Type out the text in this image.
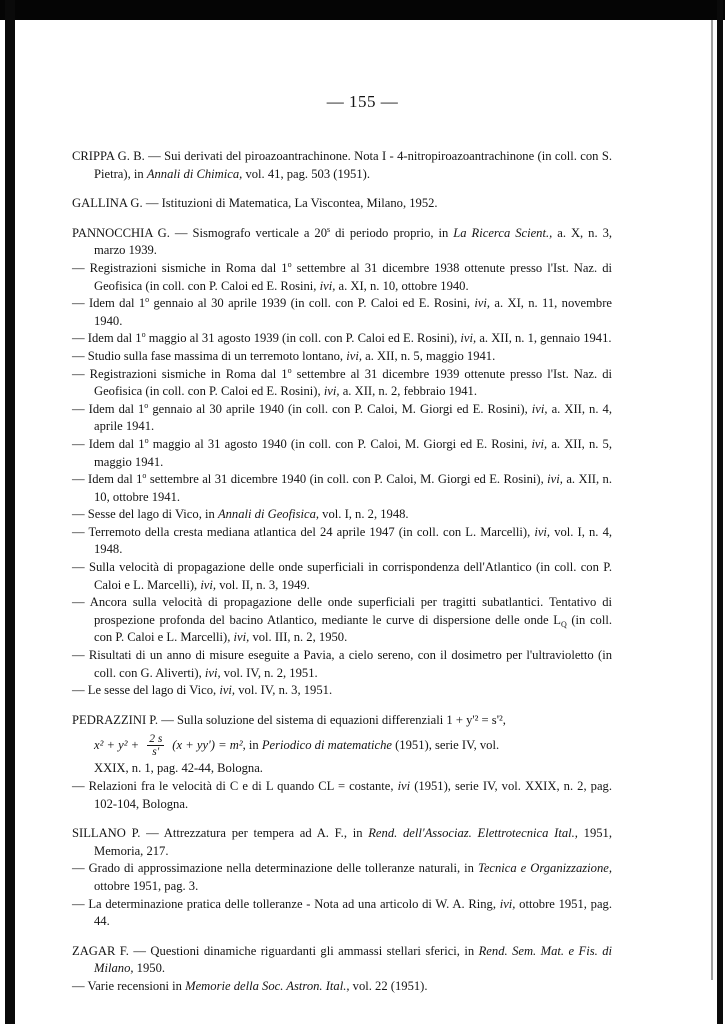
— 155 —

CRIPPA G. B. — Sui derivati del piroazoantrachinone. Nota I - 4-nitropiroazoantrachinone (in coll. con S. Pietra), in Annali di Chimica, vol. 41, pag. 503 (1951).

GALLINA G. — Istituzioni di Matematica, La Viscontea, Milano, 1952.

PANNOCCHIA G. — Sismografo verticale a 20$^s$ di periodo proprio, in La Ricerca Scient., a. X, n. 3, marzo 1939.

— Registrazioni sismiche in Roma dal 1$^o$ settembre al 31 dicembre 1938 ottenute presso l'Ist. Naz. di Geofisica (in coll. con P. Caloi ed E. Rosini, ivi, a. XI, n. 10, ottobre 1940.

— Idem dal 1$^o$ gennaio al 30 aprile 1939 (in coll. con P. Caloi ed E. Rosini, ivi, a. XI, n. 11, novembre 1940.

— Idem dal 1$^o$ maggio al 31 agosto 1939 (in coll. con P. Caloi ed E. Rosini), ivi, a. XII, n. 1, gennaio 1941.

— Studio sulla fase massima di un terremoto lontano, ivi, a. XII, n. 5, maggio 1941.

— Registrazioni sismiche in Roma dal 1$^o$ settembre al 31 dicembre 1939 ottenute presso l'Ist. Naz. di Geofisica (in coll. con P. Caloi ed E. Rosini), ivi, a. XII, n. 2, febbraio 1941.

— Idem dal 1$^o$ gennaio al 30 aprile 1940 (in coll. con P. Caloi, M. Giorgi ed E. Rosini), ivi, a. XII, n. 4, aprile 1941.

— Idem dal 1$^o$ maggio al 31 agosto 1940 (in coll. con P. Caloi, M. Giorgi ed E. Rosini, ivi, a. XII, n. 5, maggio 1941.

— Idem dal 1$^o$ settembre al 31 dicembre 1940 (in coll. con P. Caloi, M. Giorgi ed E. Rosini), ivi, a. XII, n. 10, ottobre 1941.

— Sesse del lago di Vico, in Annali di Geofisica, vol. I, n. 2, 1948.

— Terremoto della cresta mediana atlantica del 24 aprile 1947 (in coll. con L. Marcelli), ivi, vol. I, n. 4, 1948.

— Sulla velocità di propagazione delle onde superficiali in corrispondenza dell'Atlantico (in coll. con P. Caloi e L. Marcelli), ivi, vol. II, n. 3, 1949.

— Ancora sulla velocità di propagazione delle onde superficiali per tragitti subatlantici. Tentativo di prospezione profonda del bacino Atlantico, mediante le curve di dispersione delle onde $L_Q$ (in coll. con P. Caloi e L. Marcelli), ivi, vol. III, n. 2, 1950.

— Risultati di un anno di misure eseguite a Pavia, a cielo sereno, con il dosimetro per l'ultravioletto (in coll. con G. Aliverti), ivi, vol. IV, n. 2, 1951.

— Le sesse del lago di Vico, ivi, vol. IV, n. 3, 1951.

PEDRAZZINI P. — Sulla soluzione del sistema di equazioni differenziali 1 + y'² = s'²,

$x^2 + y^2 + \frac{2 s}{s'} (x + yy') = m^2$ , in Periodico di matematiche (1951), serie IV, vol.

XXIX, n. 1, pag. 42-44, Bologna.

— Relazioni fra le velocità di C e di L quando CL = costante, ivi (1951), serie IV, vol. XXIX, n. 2, pag. 102-104, Bologna.

SILLANO P. — Attrezzatura per tempera ad A. F., in Rend. dell'Associaz. Elettrotecnica Ital., 1951, Memoria, 217.

— Grado di approssimazione nella determinazione delle tolleranze naturali, in Tecnica e Organizzazione, ottobre 1951, pag. 3.

— La determinazione pratica delle tolleranze - Nota ad una articolo di W. A. Ring, ivi, ottobre 1951, pag. 44.

ZAGAR F. — Questioni dinamiche riguardanti gli ammassi stellari sferici, in Rend. Sem. Mat. e Fis. di Milano, 1950.

— Varie recensioni in Memorie della Soc. Astron. Ital., vol. 22 (1951).
